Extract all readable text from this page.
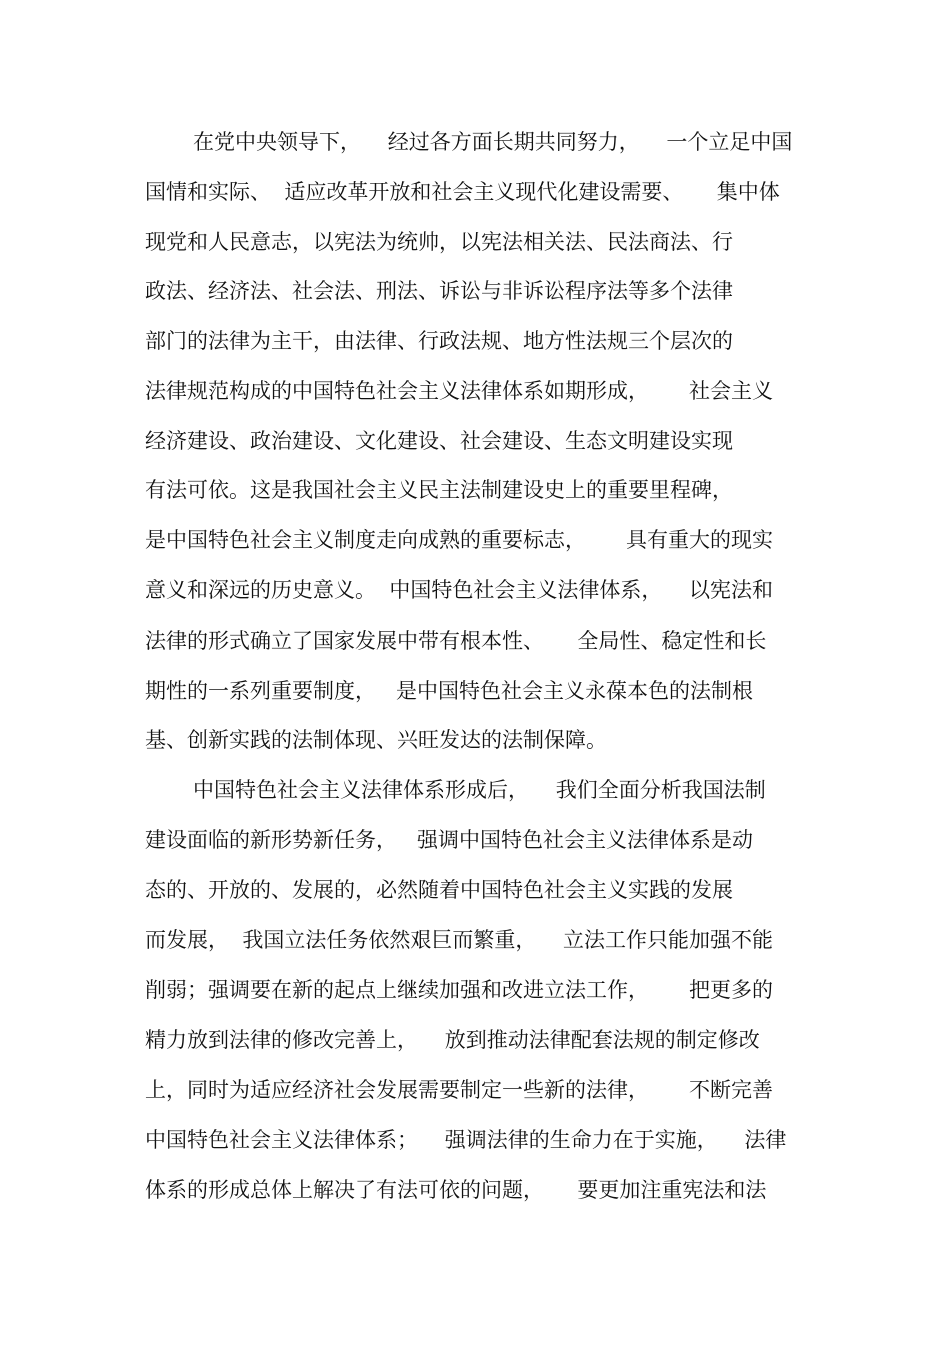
在党中央领导下，    经过各方面长期共同努力，    一个立足中国
国情和实际、  适应改革开放和社会主义现代化建设需要、     集中体
现党和人民意志，以宪法为统帅，以宪法相关法、民法商法、行
政法、经济法、社会法、刑法、诉讼与非诉讼程序法等多个法律
部门的法律为主干，由法律、行政法规、地方性法规三个层次的
法律规范构成的中国特色社会主义法律体系如期形成，      社会主义
经济建设、政治建设、文化建设、社会建设、生态文明建设实现
有法可依。这是我国社会主义民主法制建设史上的重要里程碑，
是中国特色社会主义制度走向成熟的重要标志，      具有重大的现实
意义和深远的历史意义。  中国特色社会主义法律体系，    以宪法和
法律的形式确立了国家发展中带有根本性、     全局性、稳定性和长
期性的一系列重要制度，   是中国特色社会主义永葆本色的法制根
基、创新实践的法制体现、兴旺发达的法制保障。
中国特色社会主义法律体系形成后，    我们全面分析我国法制
建设面临的新形势新任务，   强调中国特色社会主义法律体系是动
态的、开放的、发展的，必然随着中国特色社会主义实践的发展
而发展，  我国立法任务依然艰巨而繁重，    立法工作只能加强不能
削弱；强调要在新的起点上继续加强和改进立法工作，      把更多的
精力放到法律的修改完善上，    放到推动法律配套法规的制定修改
上，同时为适应经济社会发展需要制定一些新的法律，      不断完善
中国特色社会主义法律体系；    强调法律的生命力在于实施，    法律
体系的形成总体上解决了有法可依的问题，     要更加注重宪法和法
